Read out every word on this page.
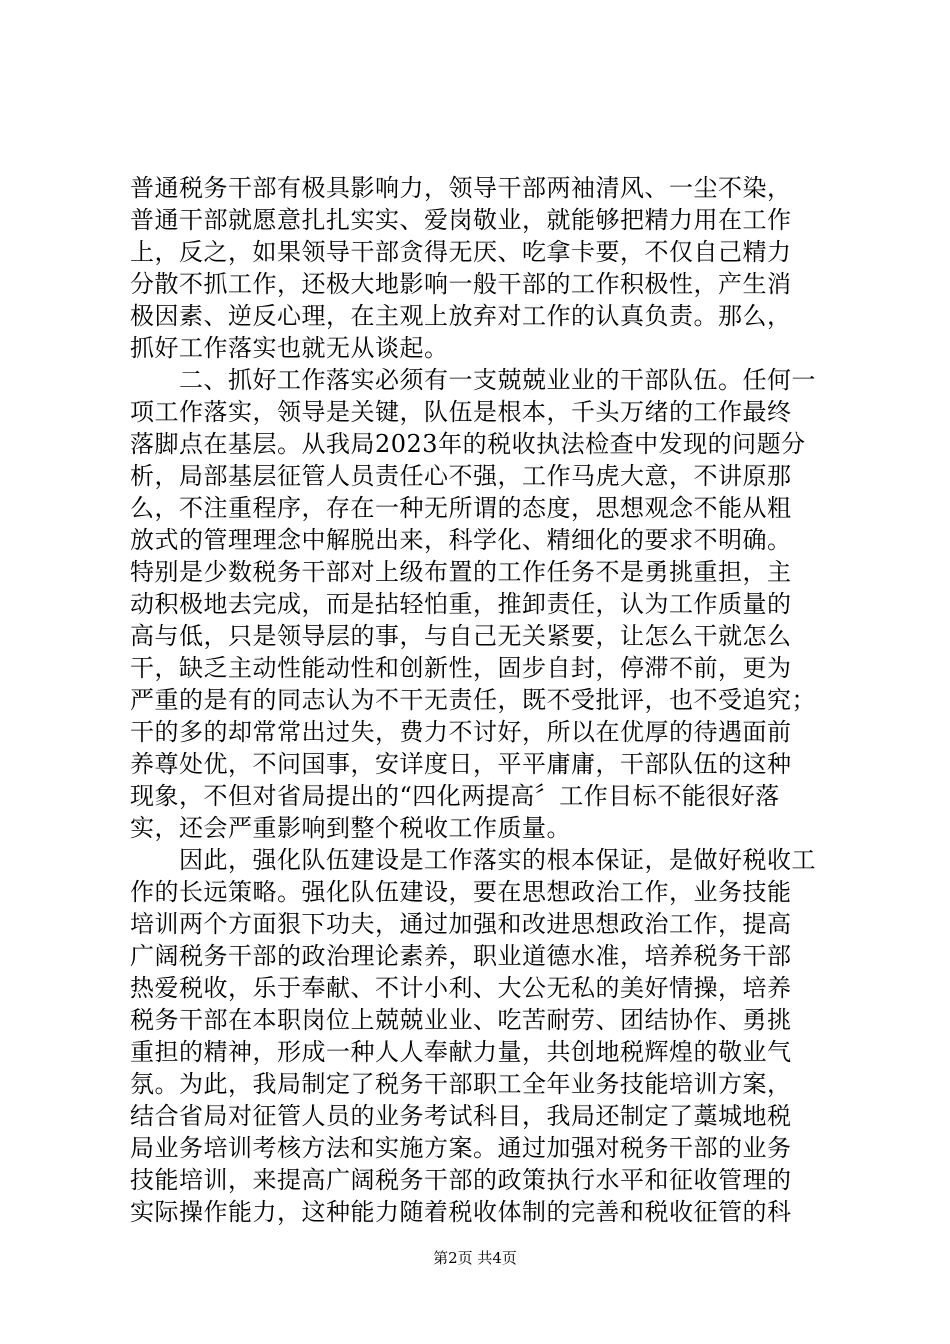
普通税务干部有极具影响力，领导干部两袖清风、一尘不染，
普通干部就愿意扎扎实实、爱岗敬业，就能够把精力用在工作
上，反之，如果领导干部贪得无厌、吃拿卡要，不仅自己精力
分散不抓工作，还极大地影响一般干部的工作积极性，产生消
极因素、逆反心理，在主观上放弃对工作的认真负责。那么，
抓好工作落实也就无从谈起。
　　二、抓好工作落实必须有一支兢兢业业的干部队伍。任何一
项工作落实，领导是关键，队伍是根本，千头万绪的工作最终
落脚点在基层。从我局2023年的税收执法检查中发现的问题分
析，局部基层征管人员责任心不强，工作马虎大意，不讲原那
么，不注重程序，存在一种无所谓的态度，思想观念不能从粗
放式的管理理念中解脱出来，科学化、精细化的要求不明确。
特别是少数税务干部对上级布置的工作任务不是勇挑重担，主
动积极地去完成，而是拈轻怕重，推卸责任，认为工作质量的
高与低，只是领导层的事，与自己无关紧要，让怎么干就怎么
干，缺乏主动性能动性和创新性，固步自封，停滞不前，更为
严重的是有的同志认为不干无责任，既不受批评，也不受追究；
干的多的却常常出过失，费力不讨好，所以在优厚的待遇面前
养尊处优，不问国事，安详度日，平平庸庸，干部队伍的这种
现象，不但对省局提出的“四化两提高〞工作目标不能很好落
实，还会严重影响到整个税收工作质量。
　　因此，强化队伍建设是工作落实的根本保证，是做好税收工
作的长远策略。强化队伍建设，要在思想政治工作，业务技能
培训两个方面狠下功夫，通过加强和改进思想政治工作，提高
广阔税务干部的政治理论素养，职业道德水准，培养税务干部
热爱税收，乐于奉献、不计小利、大公无私的美好情操，培养
税务干部在本职岗位上兢兢业业、吃苦耐劳、团结协作、勇挑
重担的精神，形成一种人人奉献力量，共创地税辉煌的敬业气
氛。为此，我局制定了税务干部职工全年业务技能培训方案，
结合省局对征管人员的业务考试科目，我局还制定了藁城地税
局业务培训考核方法和实施方案。通过加强对税务干部的业务
技能培训，来提高广阔税务干部的政策执行水平和征收管理的
实际操作能力，这种能力随着税收体制的完善和税收征管的科
第2页 共4页
